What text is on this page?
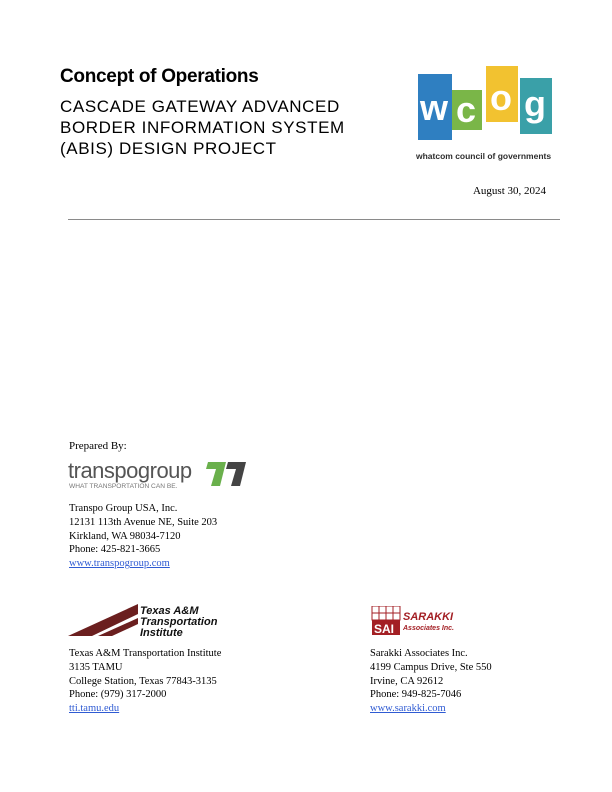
Concept of Operations
CASCADE GATEWAY ADVANCED
BORDER INFORMATION SYSTEM
(ABIS) DESIGN PROJECT
w c o g
whatcom council of governments
August 30, 2024
Prepared By:
transpogroup
WHAT TRANSPORTATION CAN BE.
Transpo Group USA, Inc.
12131 113th Avenue NE, Suite 203
Kirkland, WA 98034-7120
Phone: 425-821-3665
www.transpogroup.com
Texas A&M
Transportation
Institute
Texas A&M Transportation Institute
3135 TAMU
College Station, Texas 77843-3135
Phone: (979) 317-2000
tti.tamu.edu
SAI
SARAKKI
Associates Inc.
Sarakki Associates Inc.
4199 Campus Drive, Ste 550
Irvine, CA 92612
Phone: 949-825-7046
www.sarakki.com
